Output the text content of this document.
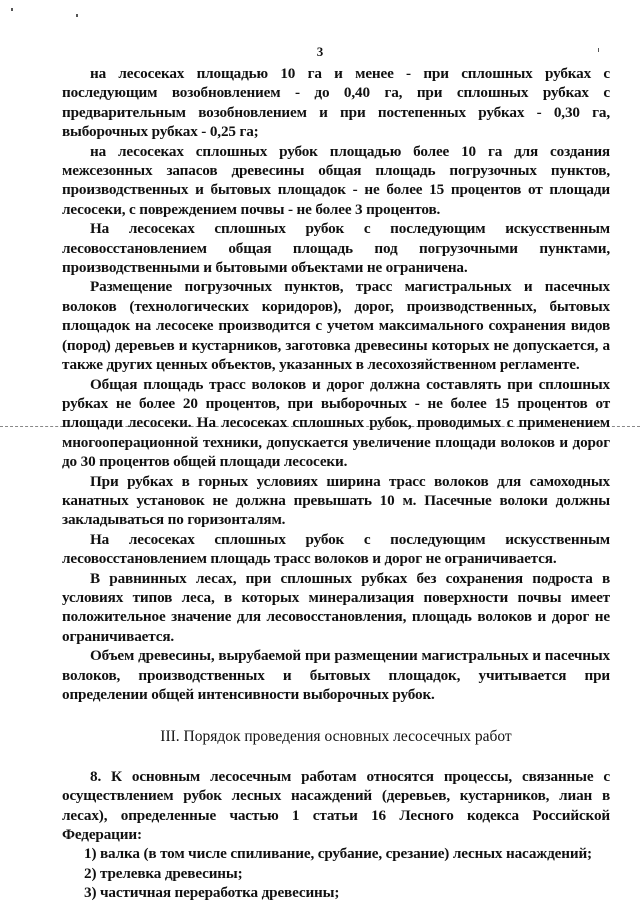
3

на лесосеках площадью 10 га и менее - при сплошных рубках с последующим возобновлением - до 0,40 га, при сплошных рубках с предварительным возобновлением и при постепенных рубках - 0,30 га, выборочных рубках - 0,25 га;

на лесосеках сплошных рубок площадью более 10 га для создания межсезонных запасов древесины общая площадь погрузочных пунктов, производственных и бытовых площадок - не более 15 процентов от площади лесосеки, с повреждением почвы - не более 3 процентов.

На лесосеках сплошных рубок с последующим искусственным лесовосстановлением общая площадь под погрузочными пунктами, производственными и бытовыми объектами не ограничена.

Размещение погрузочных пунктов, трасс магистральных и пасечных волоков (технологических коридоров), дорог, производственных, бытовых площадок на лесосеке производится с учетом максимального сохранения видов (пород) деревьев и кустарников, заготовка древесины которых не допускается, а также других ценных объектов, указанных в лесохозяйственном регламенте.

Общая площадь трасс волоков и дорог должна составлять при сплошных рубках не более 20 процентов, при выборочных - не более 15 процентов от площади лесосеки. На лесосеках сплошных рубок, проводимых с применением многооперационной техники, допускается увеличение площади волоков и дорог до 30 процентов общей площади лесосеки.

При рубках в горных условиях ширина трасс волоков для самоходных канатных установок не должна превышать 10 м. Пасечные волоки должны закладываться по горизонталям.

На лесосеках сплошных рубок с последующим искусственным лесовосстановлением площадь трасс волоков и дорог не ограничивается.

В равнинных лесах, при сплошных рубках без сохранения подроста в условиях типов леса, в которых минерализация поверхности почвы имеет положительное значение для лесовосстановления, площадь волоков и дорог не ограничивается.

Объем древесины, вырубаемой при размещении магистральных и пасечных волоков, производственных и бытовых площадок, учитывается при определении общей интенсивности выборочных рубок.

III. Порядок проведения основных лесосечных работ

8. К основным лесосечным работам относятся процессы, связанные с осуществлением рубок лесных насаждений (деревьев, кустарников, лиан в лесах), определенные частью 1 статьи 16 Лесного кодекса Российской Федерации:

1) валка (в том числе спиливание, срубание, срезание) лесных насаждений;

2) трелевка древесины;

3) частичная переработка древесины;
